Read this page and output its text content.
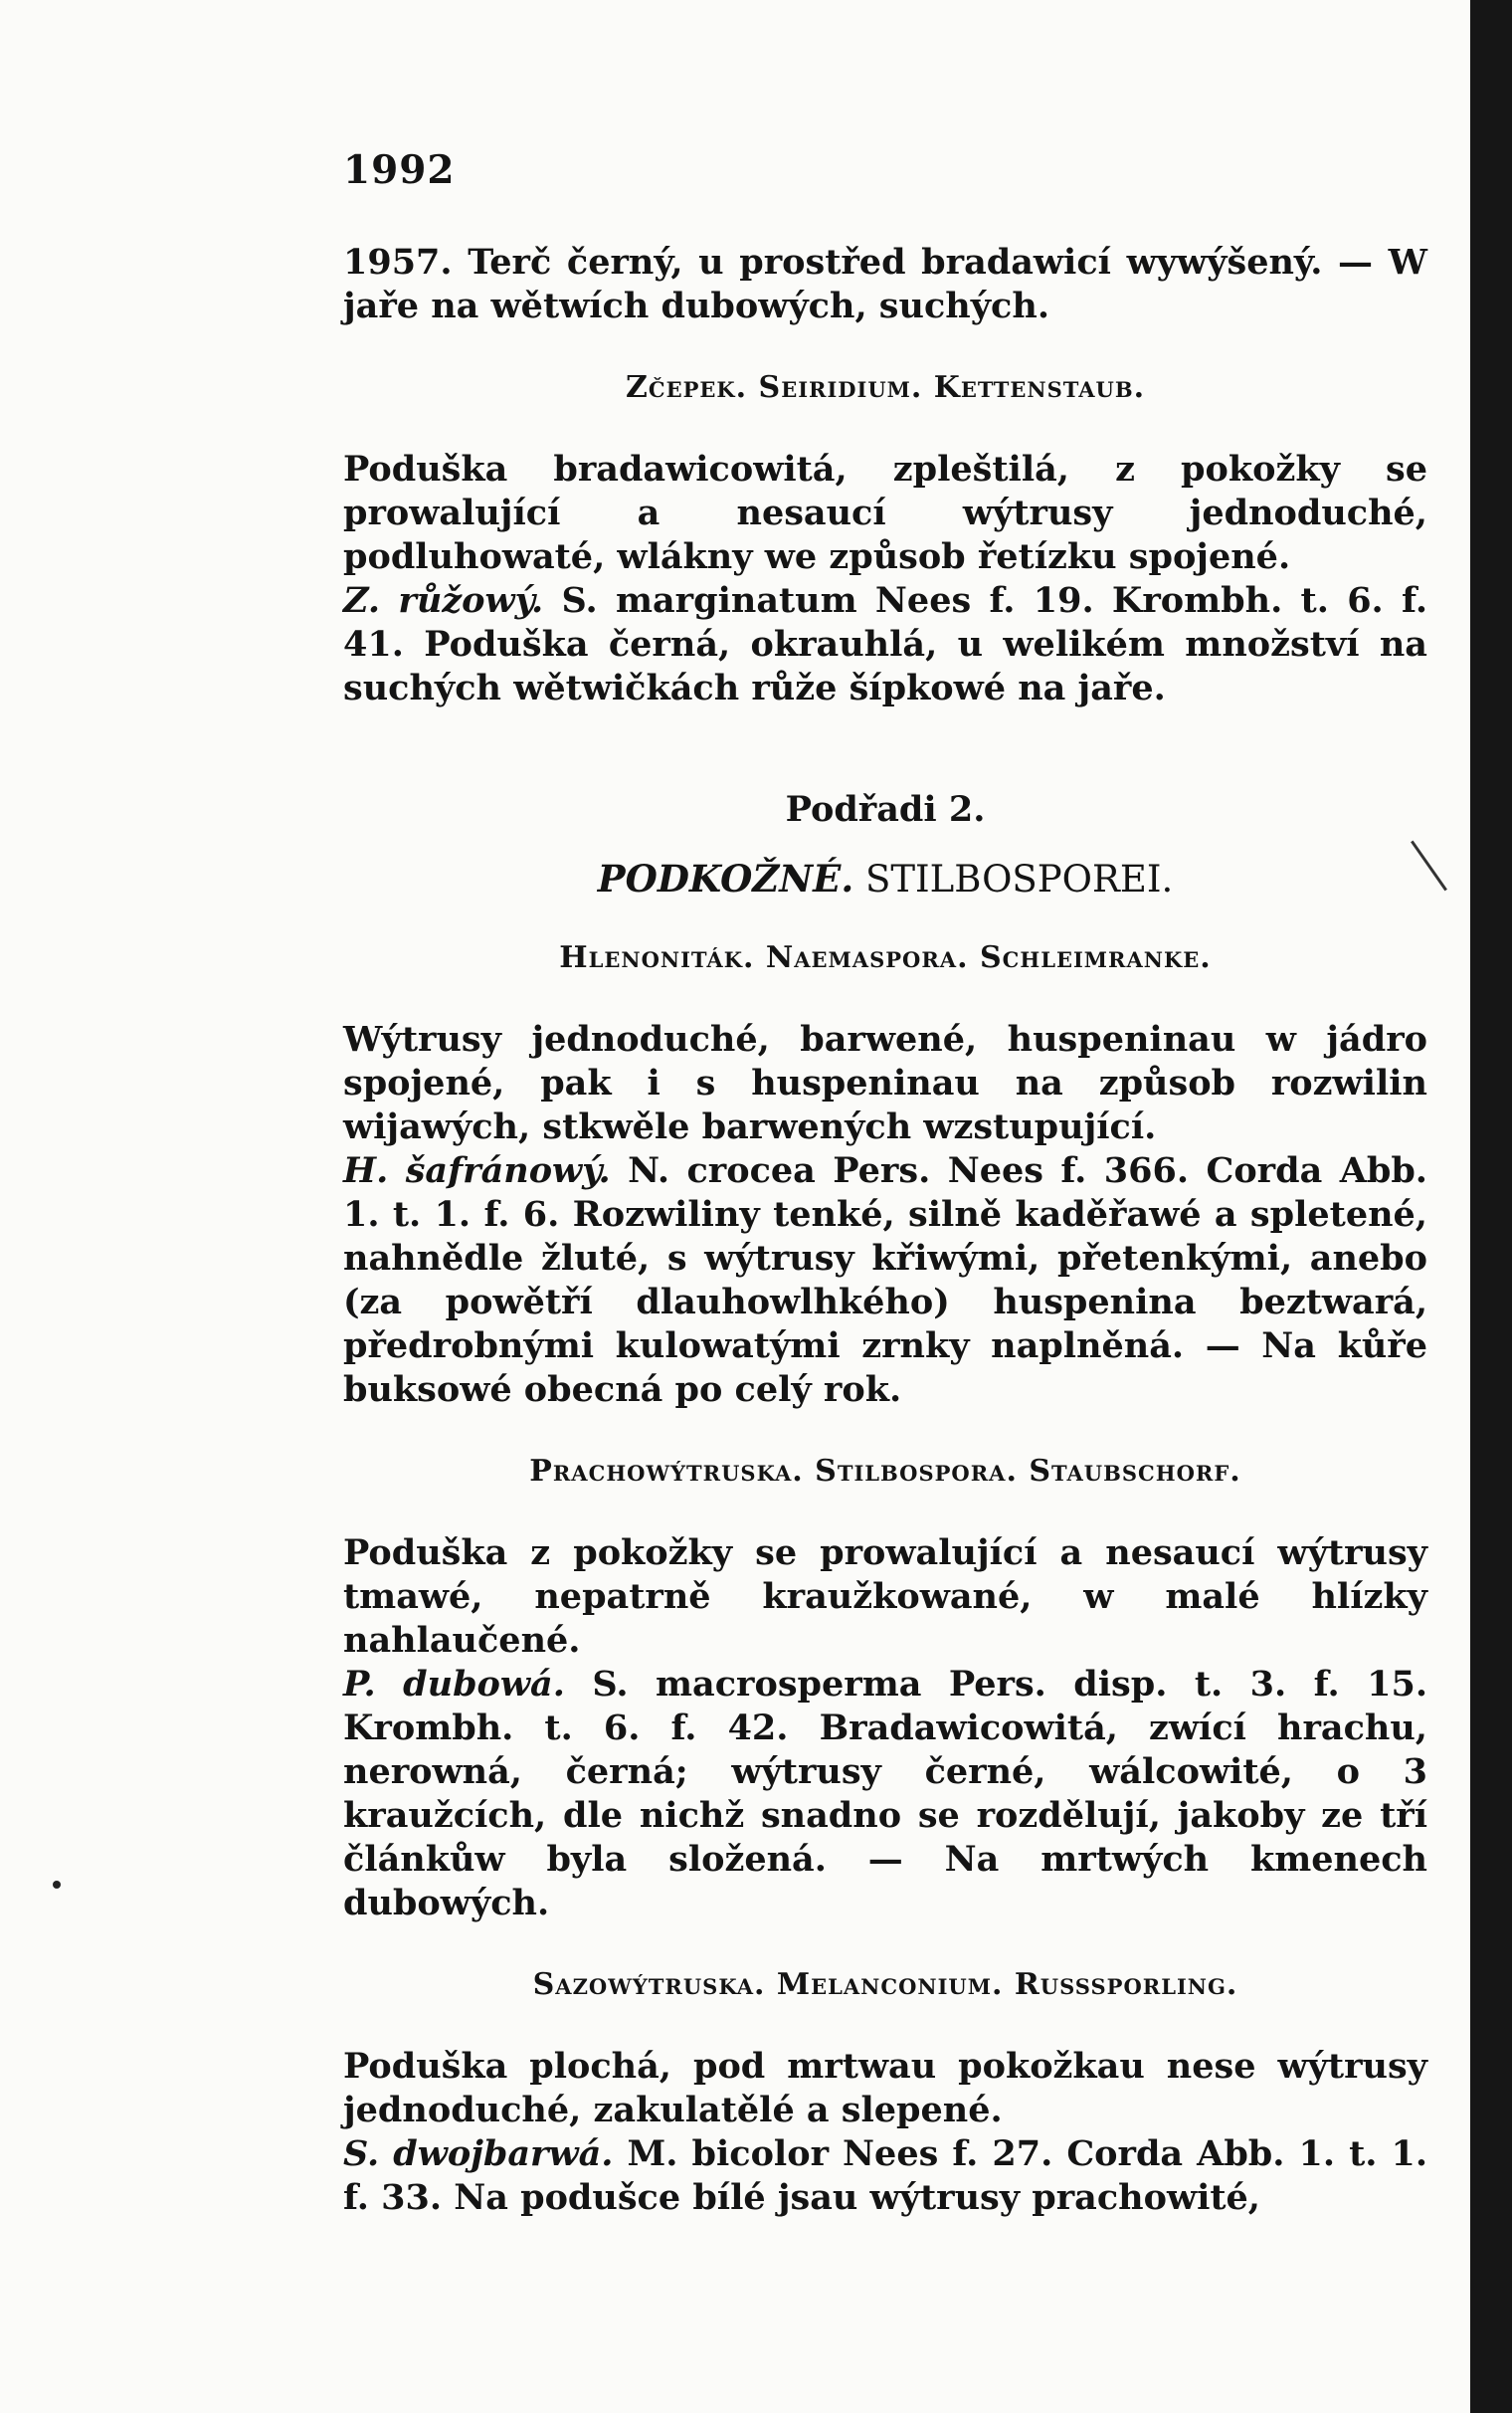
1992

1957. Terč černý, u prostřed bradawicí wywýšený. — W jaře na wětwích dubowých, suchých.

Zčepek. Seiridium. Kettenstaub.

Poduška bradawicowitá, zpleštilá, z pokožky se prowalující a nesaucí wýtrusy jednoduché, podluhowaté, wlákny we způsob řetízku spojené.

Z. růžowý. S. marginatum Nees f. 19. Krombh. t. 6. f. 41. Poduška černá, okrauhlá, u welikém množství na suchých wětwičkách růže šípkowé na jaře.

Podřadi 2.
PODKOŽNÉ. STILBOSPOREI.
Hlenoniták. Naemaspora. Schleimranke.

Wýtrusy jednoduché, barwené, huspeninau w jádro spojené, pak i s huspeninau na způsob rozwilin wijawých, stkwěle barwených wzstupující.

H. šafránowý. N. crocea Pers. Nees f. 366. Corda Abb. 1. t. 1. f. 6. Rozwiliny tenké, silně kaděřawé a spletené, nahnědle žluté, s wýtrusy křiwými, přetenkými, anebo (za powětří dlauhowlhkého) huspenina beztwará, předrobnými kulowatými zrnky naplněná. — Na kůře buksowé obecná po celý rok.

Prachowýtruska. Stilbospora. Staubschorf.

Poduška z pokožky se prowalující a nesaucí wýtrusy tmawé, nepatrně kraužkowané, w malé hlízky nahlaučené.

P. dubowá. S. macrosperma Pers. disp. t. 3. f. 15. Krombh. t. 6. f. 42. Bradawicowitá, zwící hrachu, nerowná, černá; wýtrusy černé, wálcowité, o 3 kraužcích, dle nichž snadno se rozdělují, jakoby ze tří článkůw byla složená. — Na mrtwých kmenech dubowých.

Sazowýtruska. Melanconium. Russsporling.

Poduška plochá, pod mrtwau pokožkau nese wýtrusy jednoduché, zakulatělé a slepené.

S. dwojbarwá. M. bicolor Nees f. 27. Corda Abb. 1. t. 1. f. 33. Na podušce bílé jsau wýtrusy prachowité,
